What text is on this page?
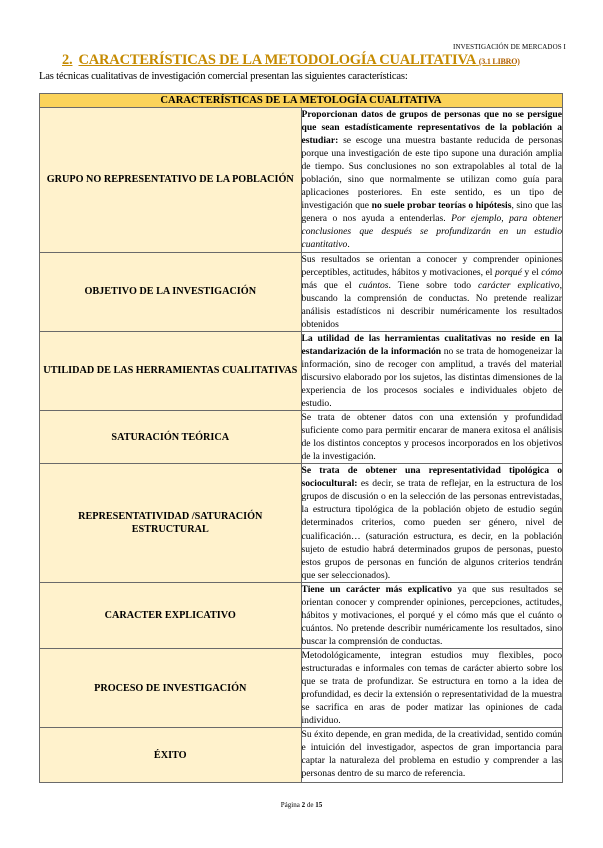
INVESTIGACIÓN DE MERCADOS I
2. CARACTERÍSTICAS DE LA METODOLOGÍA CUALITATIVA (3.1 LIBRO)
Las técnicas cualitativas de investigación comercial presentan las siguientes características:
CARACTERÍSTICAS DE LA METOLOGÍA CUALITATIVA	
GRUPO NO REPRESENTATIVO DE LA POBLACIÓN	Proporcionan datos de grupos de personas que no se persigue que sean estadísticamente representativos de la población a estudiar: se escoge una muestra bastante reducida de personas porque una investigación de este tipo supone una duración amplia de tiempo. Sus conclusiones no son extrapolables al total de la población, sino que normalmente se utilizan como guía para aplicaciones posteriores. En este sentido, es un tipo de investigación que no suele probar teorías o hipótesis, sino que las genera o nos ayuda a entenderlas. Por ejemplo, para obtener conclusiones que después se profundizarán en un estudio cuantitativo.
OBJETIVO DE LA INVESTIGACIÓN	Sus resultados se orientan a conocer y comprender opiniones perceptibles, actitudes, hábitos y motivaciones, el porqué y el cómo más que el cuántos. Tiene sobre todo carácter explicativo, buscando la comprensión de conductas. No pretende realizar análisis estadísticos ni describir numéricamente los resultados obtenidos
UTILIDAD DE LAS HERRAMIENTAS CUALITATIVAS	La utilidad de las herramientas cualitativas no reside en la estandarización de la información no se trata de homogeneizar la información, sino de recoger con amplitud, a través del material discursivo elaborado por los sujetos, las distintas dimensiones de la experiencia de los procesos sociales e individuales objeto de estudio.
SATURACIÓN TEÓRICA	Se trata de obtener datos con una extensión y profundidad suficiente como para permitir encarar de manera exitosa el análisis de los distintos conceptos y procesos incorporados en los objetivos de la investigación.
REPRESENTATIVIDAD /SATURACIÓN ESTRUCTURAL	Se trata de obtener una representatividad tipológica o sociocultural: es decir, se trata de reflejar, en la estructura de los grupos de discusión o en la selección de las personas entrevistadas, la estructura tipológica de la población objeto de estudio según determinados criterios, como pueden ser género, nivel de cualificación… (saturación estructura, es decir, en la población sujeto de estudio habrá determinados grupos de personas, puesto estos grupos de personas en función de algunos criterios tendrán que ser seleccionados).
CARACTER EXPLICATIVO	Tiene un carácter más explicativo ya que sus resultados se orientan conocer y comprender opiniones, percepciones, actitudes, hábitos y motivaciones, el porqué y el cómo más que el cuánto o cuántos. No pretende describir numéricamente los resultados, sino buscar la comprensión de conductas.
PROCESO DE INVESTIGACIÓN	Metodológicamente, integran estudios muy flexibles, poco estructuradas e informales con temas de carácter abierto sobre los que se trata de profundizar. Se estructura en torno a la idea de profundidad, es decir la extensión o representatividad de la muestra se sacrifica en aras de poder matizar las opiniones de cada individuo.
ÉXITO	Su éxito depende, en gran medida, de la creatividad, sentido común e intuición del investigador, aspectos de gran importancia para captar la naturaleza del problema en estudio y comprender a las personas dentro de su marco de referencia.
Página 2 de 15
